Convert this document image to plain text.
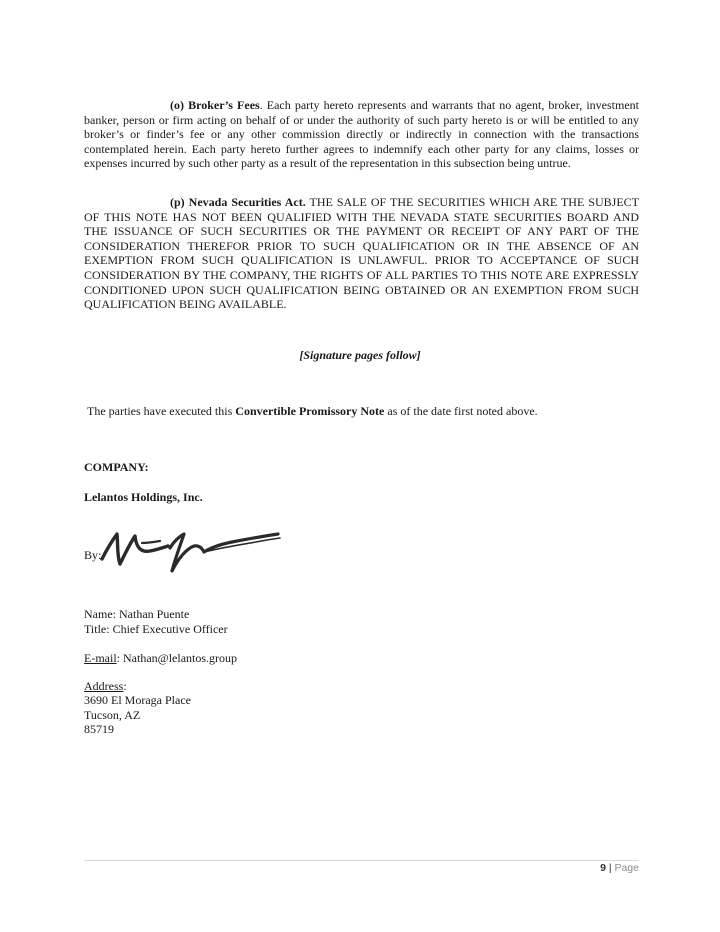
(o) Broker’s Fees. Each party hereto represents and warrants that no agent, broker, investment banker, person or firm acting on behalf of or under the authority of such party hereto is or will be entitled to any broker’s or finder’s fee or any other commission directly or indirectly in connection with the transactions contemplated herein. Each party hereto further agrees to indemnify each other party for any claims, losses or expenses incurred by such other party as a result of the representation in this subsection being untrue.
(p) Nevada Securities Act. THE SALE OF THE SECURITIES WHICH ARE THE SUBJECT OF THIS NOTE HAS NOT BEEN QUALIFIED WITH THE NEVADA STATE SECURITIES BOARD AND THE ISSUANCE OF SUCH SECURITIES OR THE PAYMENT OR RECEIPT OF ANY PART OF THE CONSIDERATION THEREFOR PRIOR TO SUCH QUALIFICATION OR IN THE ABSENCE OF AN EXEMPTION FROM SUCH QUALIFICATION IS UNLAWFUL. PRIOR TO ACCEPTANCE OF SUCH CONSIDERATION BY THE COMPANY, THE RIGHTS OF ALL PARTIES TO THIS NOTE ARE EXPRESSLY CONDITIONED UPON SUCH QUALIFICATION BEING OBTAINED OR AN EXEMPTION FROM SUCH QUALIFICATION BEING AVAILABLE.
[Signature pages follow]
The parties have executed this Convertible Promissory Note as of the date first noted above.
COMPANY:
Lelantos Holdings, Inc.
By:
Name: Nathan Puente
Title: Chief Executive Officer
E-mail: Nathan@lelantos.group
Address:
3690 El Moraga Place
Tucson, AZ
85719
9 | Page
